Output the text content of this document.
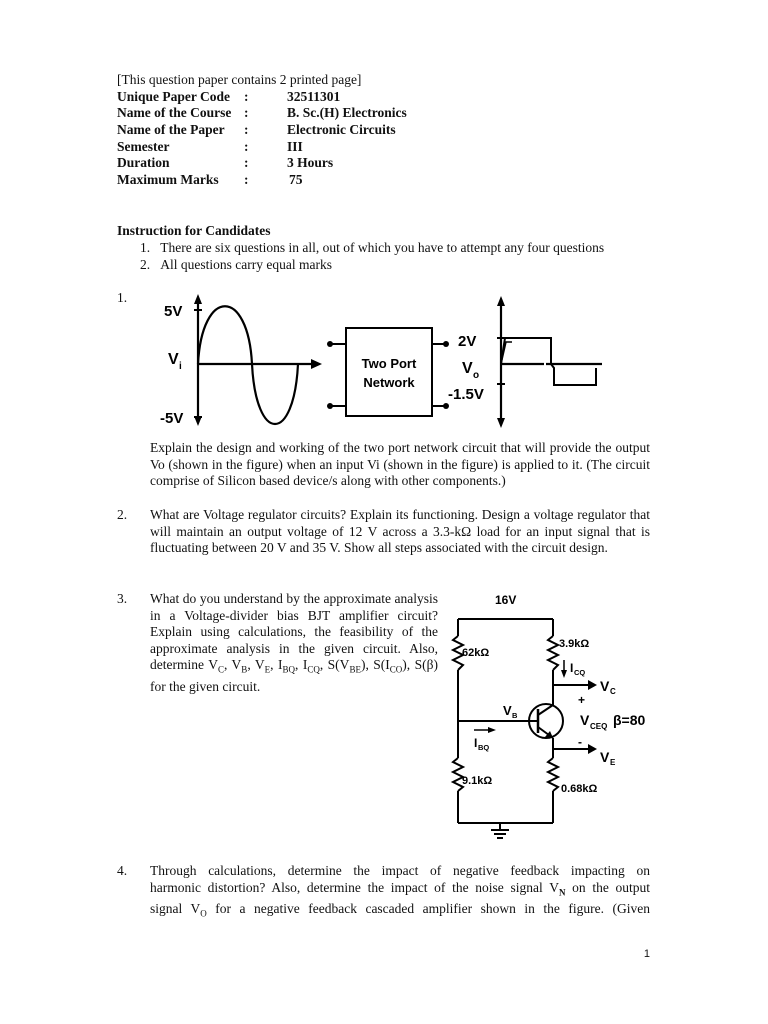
[This question paper contains 2 printed page]
Unique Paper Code :	32511301
Name of the Course :	B. Sc.(H) Electronics
Name of the Paper :	Electronic Circuits
Semester	:	III
Duration	:	3 Hours
Maximum Marks :	75
Instruction for Candidates
1. There are six questions in all, out of which you have to attempt any four questions
2. All questions carry equal marks
1.
5V
V i
-5V
Two Port
Network
2V
V o
-1.5V
Explain the design and working of the two port network circuit that will provide the output Vo (shown in the figure) when an input Vi (shown in the figure) is applied to it. (The circuit comprise of Silicon based device/s along with other components.)
2. What are Voltage regulator circuits? Explain its functioning. Design a voltage regulator that will maintain an output voltage of 12 V across a 3.3-kΩ load for an input signal that is fluctuating between 20 V and 35 V. Show all steps associated with the circuit design.
3. What do you understand by the approximate analysis in a Voltage-divider bias BJT amplifier circuit? Explain using calculations, the feasibility of the approximate analysis in the given circuit. Also, determine $V_C$, $V_B$, $V_E$, $I_{BQ}$, $I_{CQ}$, $S(V_{BE})$, $S(I_{CO})$, S(β) for the given circuit.
16V
62kΩ
3.9kΩ
I CQ
V C
+
V B	V CEQ β=80
-
I BQ
V E
9.1kΩ
0.68kΩ
4. Through calculations, determine the impact of negative feedback impacting on
harmonic distortion? Also, determine the impact of the noise signal $V_N$ on the output
signal $V_O$ for a negative feedback cascaded amplifier shown in the figure. (Given
1
